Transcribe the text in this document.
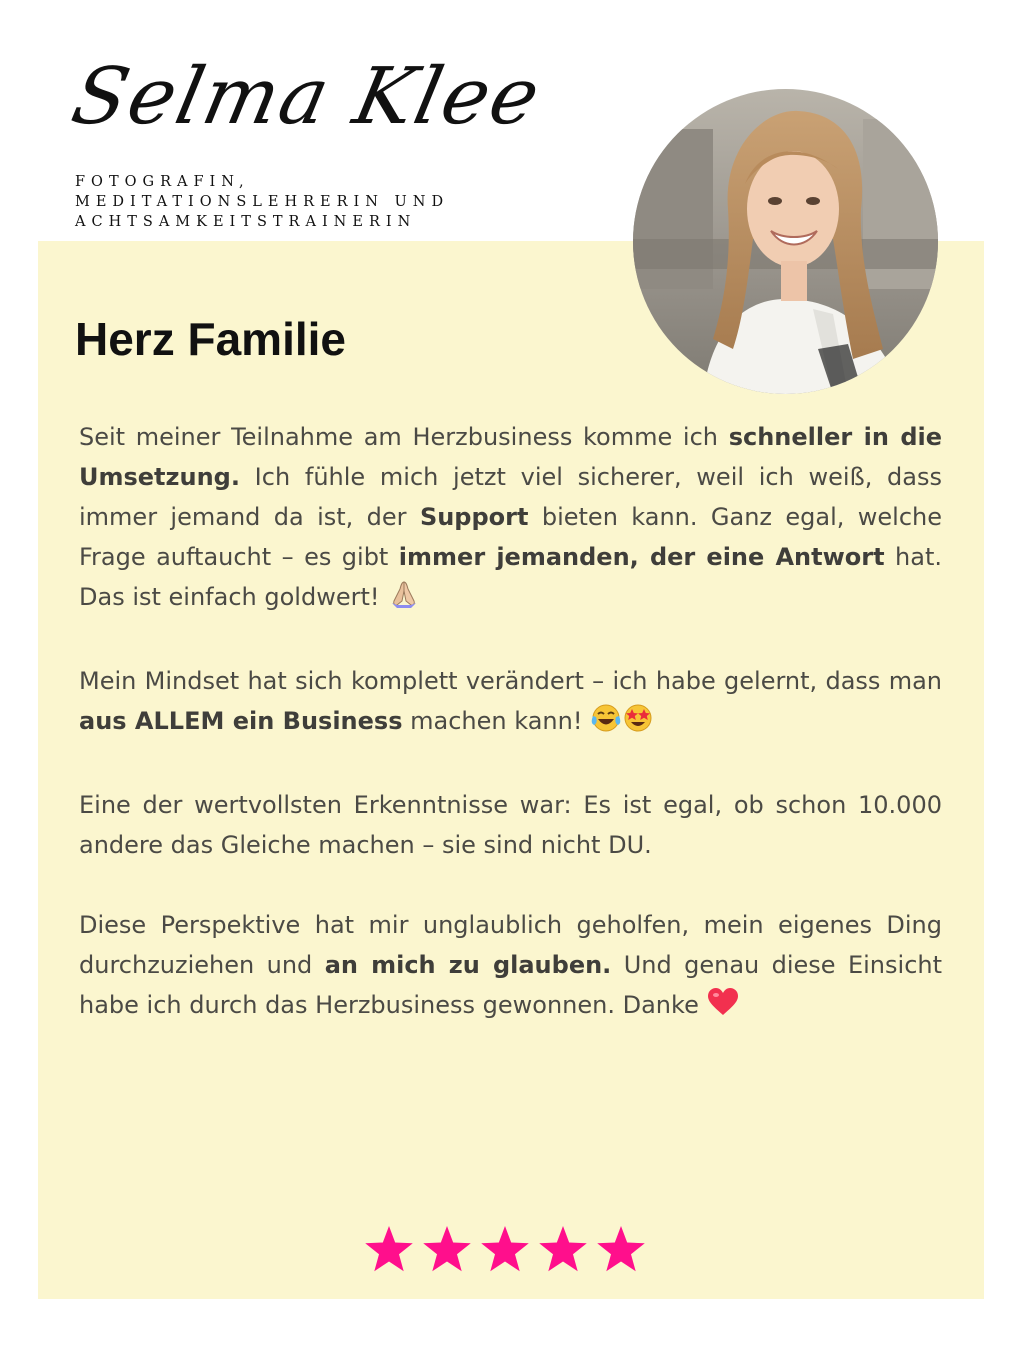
Selma Klee
FOTOGRAFIN,
MEDITATIONSLEHRERIN UND
ACHTSAMKEITSTRAINERIN
Herz Familie

Seit meiner Teilnahme am Herzbusiness komme ich schneller in die Umsetzung. Ich fühle mich jetzt viel sicherer, weil ich weiß, dass immer jemand da ist, der Support bieten kann. Ganz egal, welche Frage auftaucht – es gibt immer jemanden, der eine Antwort hat. Das ist einfach goldwert!

Mein Mindset hat sich komplett verändert – ich habe gelernt, dass man aus ALLEM ein Business machen kann!

Eine der wertvollsten Erkenntnisse war: Es ist egal, ob schon 10.000 andere das Gleiche machen – sie sind nicht DU.

Diese Perspektive hat mir unglaublich geholfen, mein eigenes Ding durchzuziehen und an mich zu glauben. Und genau diese Einsicht habe ich durch das Herzbusiness gewonnen. Danke
